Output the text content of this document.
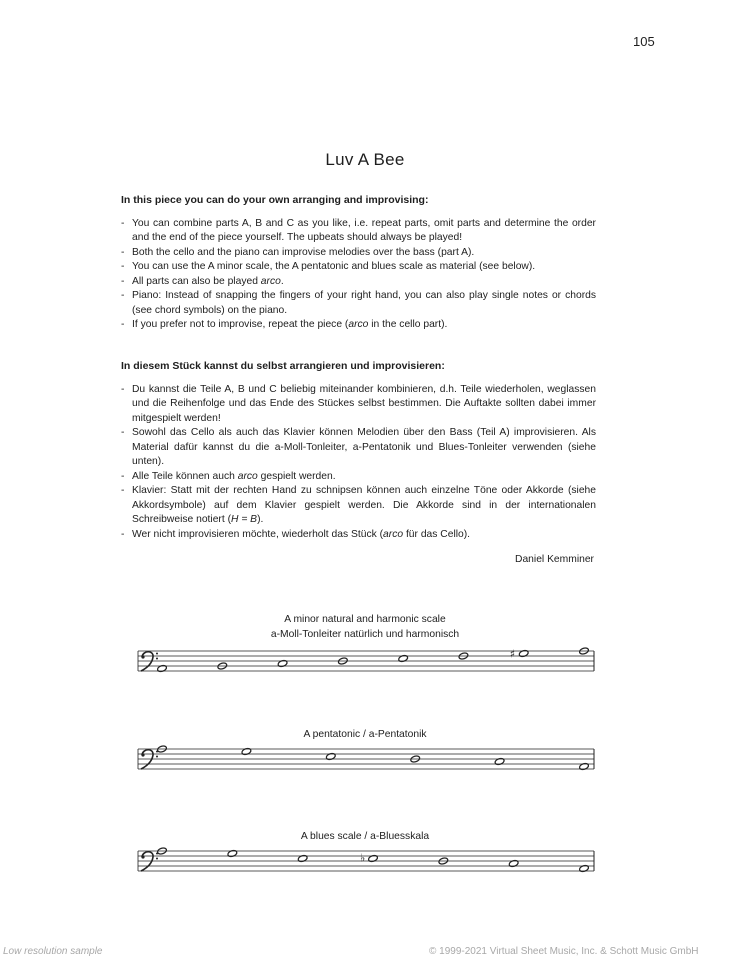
105
Luv A Bee
In this piece you can do your own arranging and improvising:
- You can combine parts A, B and C as you like, i.e. repeat parts, omit parts and determine the order and the end of the piece yourself. The upbeats should always be played!
- Both the cello and the piano can improvise melodies over the bass (part A).
- You can use the A minor scale, the A pentatonic and blues scale as material (see below).
- All parts can also be played arco.
- Piano: Instead of snapping the fingers of your right hand, you can also play single notes or chords (see chord symbols) on the piano.
- If you prefer not to improvise, repeat the piece (arco in the cello part).
In diesem Stück kannst du selbst arrangieren und improvisieren:
- Du kannst die Teile A, B und C beliebig miteinander kombinieren, d.h. Teile wiederholen, weglassen und die Reihenfolge und das Ende des Stückes selbst bestimmen. Die Auftakte sollten dabei immer mitgespielt werden!
- Sowohl das Cello als auch das Klavier können Melodien über den Bass (Teil A) improvisieren. Als Material dafür kannst du die a-Moll-Tonleiter, a-Pentatonik und Blues-Tonleiter verwenden (siehe unten).
- Alle Teile können auch arco gespielt werden.
- Klavier: Statt mit der rechten Hand zu schnipsen können auch einzelne Töne oder Akkorde (siehe Akkordsymbole) auf dem Klavier gespielt werden. Die Akkorde sind in der internationalen Schreibweise notiert (H = B).
- Wer nicht improvisieren möchte, wiederholt das Stück (arco für das Cello).
Daniel Kemminer
A minor natural and harmonic scale
a-Moll-Tonleiter natürlich und harmonisch
♯
A pentatonic / a-Pentatonik
A blues scale / a-Bluesskala
♭
Low resolution sample	© 1999-2021 Virtual Sheet Music, Inc. & Schott Music GmbH
